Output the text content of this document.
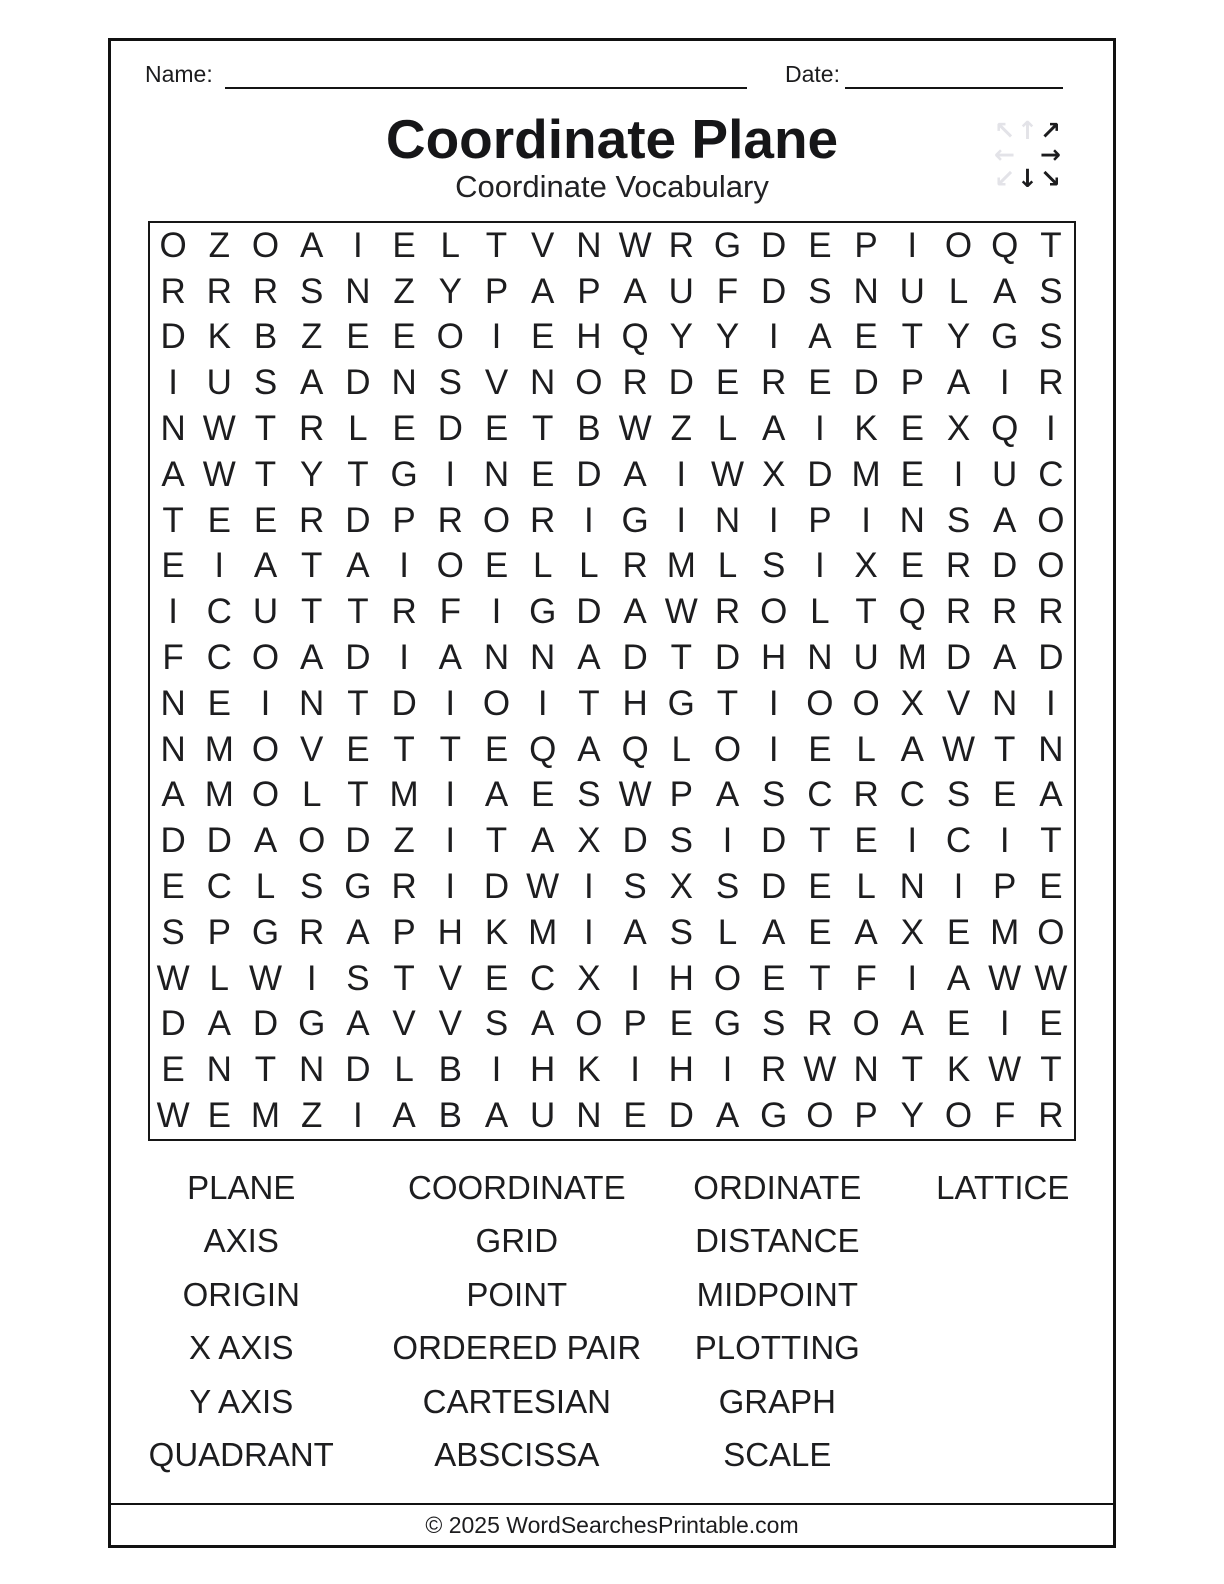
Name:	Date:
Coordinate Plane
Coordinate Vocabulary
↖ ↑ ↗
← →
↙ ↓ ↘
O Z O A I E L T V N W R G D E P I O Q T
R R R S N Z Y P A P A U F D S N U L A S
D K B Z E E O I E H Q Y Y I A E T Y G S
I U S A D N S V N O R D E R E D P A I R
N W T R L E D E T B W Z L A I K E X Q I
A W T Y T G I N E D A I W X D M E I U C
T E E R D P R O R I G I N I P I N S A O
E I A T A I O E L L R M L S I X E R D O
I C U T T R F I G D A W R O L T Q R R R
F C O A D I A N N A D T D H N U M D A D
N E I N T D I O I T H G T I O O X V N I
N M O V E T T E Q A Q L O I E L A W T N
A M O L T M I A E S W P A S C R C S E A
D D A O D Z I T A X D S I D T E I C I T
E C L S G R I D W I S X S D E L N I P E
S P G R A P H K M I A S L A E A X E M O
W L W I S T V E C X I H O E T F I A W W
D A D G A V V S A O P E G S R O A E I E
E N T N D L B I H K I H I R W N T K W T
W E M Z I A B A U N E D A G O P Y O F R
PLANE	COORDINATE	ORDINATE	LATTICE
AXIS	GRID	DISTANCE
ORIGIN	POINT	MIDPOINT
X AXIS	ORDERED PAIR	PLOTTING
Y AXIS	CARTESIAN	GRAPH
QUADRANT	ABSCISSA	SCALE
© 2025 WordSearchesPrintable.com
